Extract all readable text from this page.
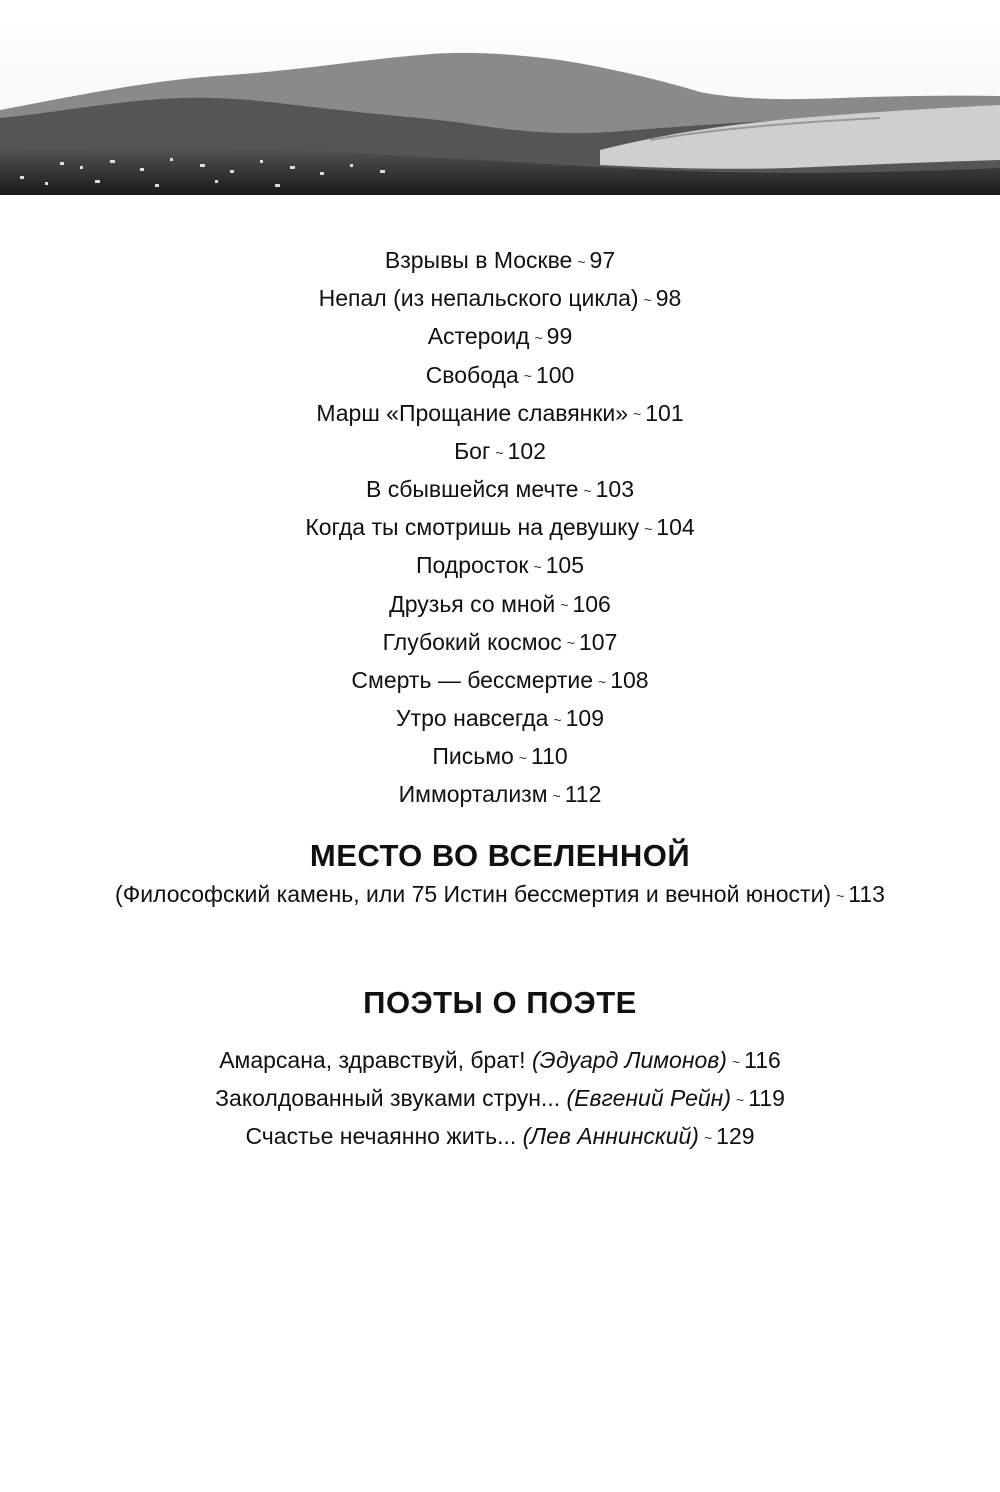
Взрывы в Москве ~ 97
Непал (из непальского цикла) ~ 98
Астероид ~ 99
Свобода ~ 100
Марш «Прощание славянки» ~ 101
Бог ~ 102
В сбывшейся мечте ~ 103
Когда ты смотришь на девушку ~ 104
Подросток ~ 105
Друзья со мной ~ 106
Глубокий космос ~ 107
Смерть — бессмертие ~ 108
Утро навсегда ~ 109
Письмо ~ 110
Иммортализм ~ 112
МЕСТО ВО ВСЕЛЕННОЙ
(Философский камень, или 75 Истин бессмертия и вечной юности) ~ 113
ПОЭТЫ О ПОЭТЕ
Амарсана, здравствуй, брат! (Эдуард Лимонов) ~ 116
Заколдованный звуками струн... (Евгений Рейн) ~ 119
Счастье нечаянно жить... (Лев Аннинский) ~ 129
